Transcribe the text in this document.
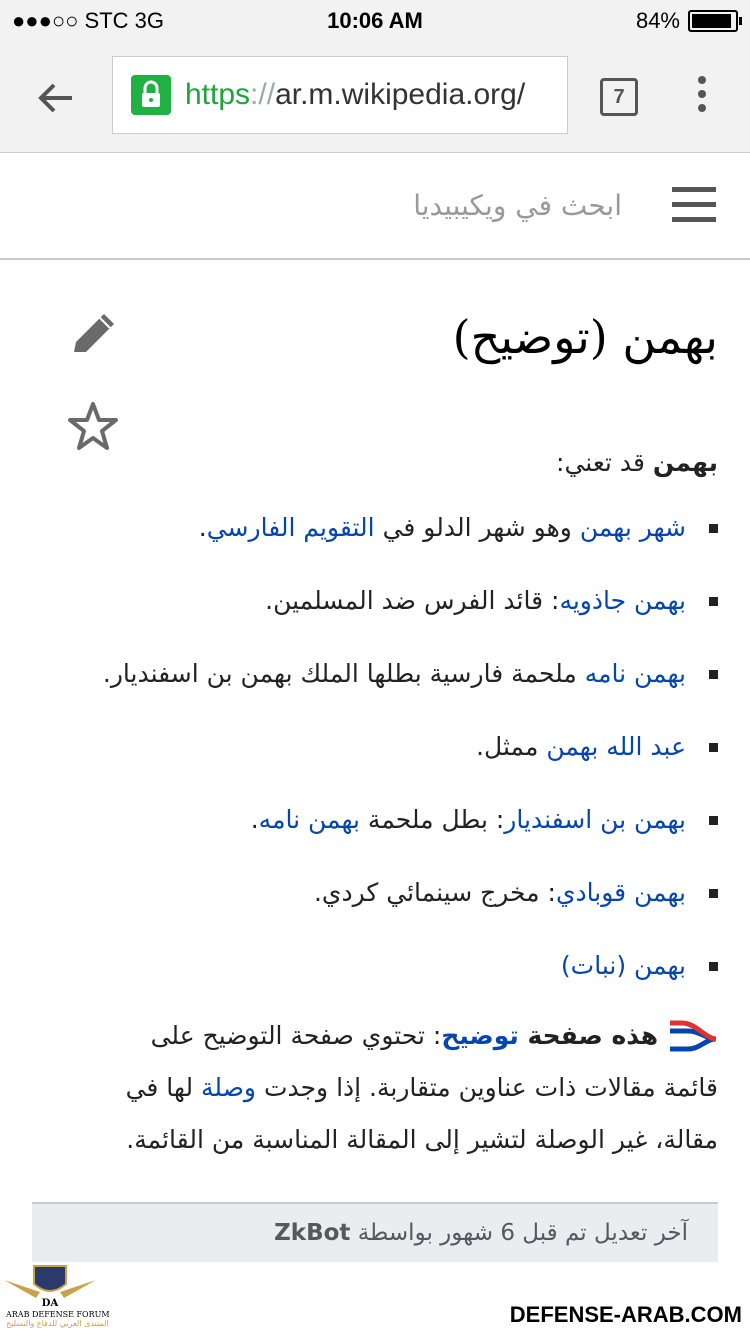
●●●○○ STC 3G	10:06 AM	84%
https://ar.m.wikipedia.org/	7
ابحث في ويكيبيديا
بهمن (توضيح)
بهمن قد تعني:
شهر بهمن وهو شهر الدلو في التقويم الفارسي.
بهمن جاذويه: قائد الفرس ضد المسلمين.
بهمن نامه ملحمة فارسية بطلها الملك بهمن بن اسفنديار.
عبد الله بهمن ممثل.
بهمن بن اسفنديار: بطل ملحمة بهمن نامه.
بهمن قوبادي: مخرج سينمائي كردي.
بهمن (نبات)

هذه صفحة توضيح: تحتوي صفحة التوضيح على

قائمة مقالات ذات عناوين متقاربة. إذا وجدت وصلة لها في

مقالة، غير الوصلة لتشير إلى المقالة المناسبة من القائمة.

آخر تعديل تم قبل 6 شهور بواسطة ZkBot
DA
ARAB DEFENSE FORUM
المنتدى العربي للدفاع والتسليح	DEFENSE-ARAB.COM
